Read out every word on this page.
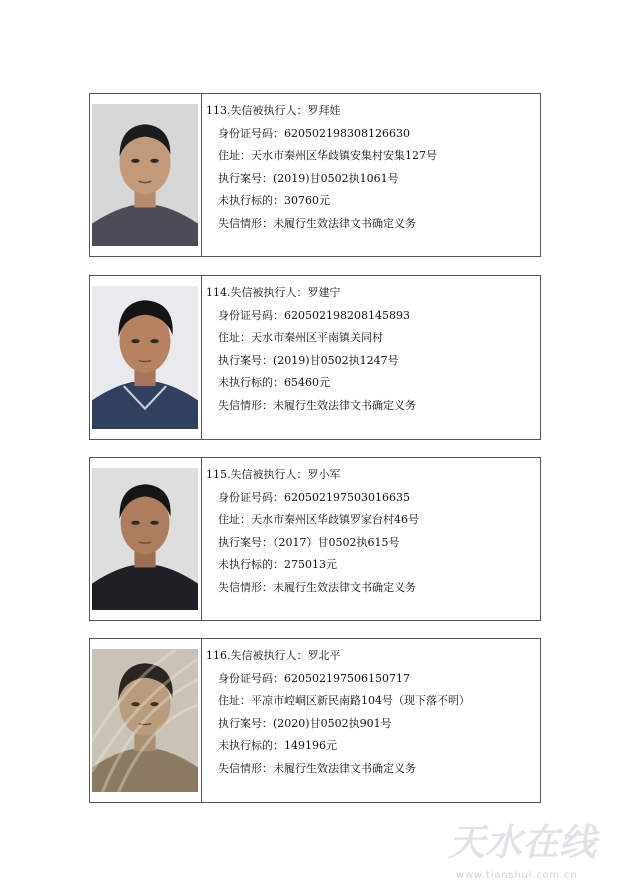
113.失信被执行人：罗拜娃
身份证号码：620502198308126630
住址：天水市秦州区华歧镇安集村安集127号
执行案号：(2019)甘0502执1061号
未执行标的：30760元
失信情形：未履行生效法律文书确定义务
114.失信被执行人：罗建宁
身份证号码：620502198208145893
住址：天水市秦州区平南镇关同村
执行案号：(2019)甘0502执1247号
未执行标的：65460元
失信情形：未履行生效法律文书确定义务
115.失信被执行人：罗小军
身份证号码：620502197503016635
住址：天水市秦州区华歧镇罗家台村46号
执行案号：（2017）甘0502执615号
未执行标的：275013元
失信情形：未履行生效法律文书确定义务
116.失信被执行人：罗北平
身份证号码：620502197506150717
住址：平凉市崆峒区新民南路104号（现下落不明）
执行案号：(2020)甘0502执901号
未执行标的：149196元
失信情形：未履行生效法律文书确定义务
天水在线
www.tianshui.com.cn
